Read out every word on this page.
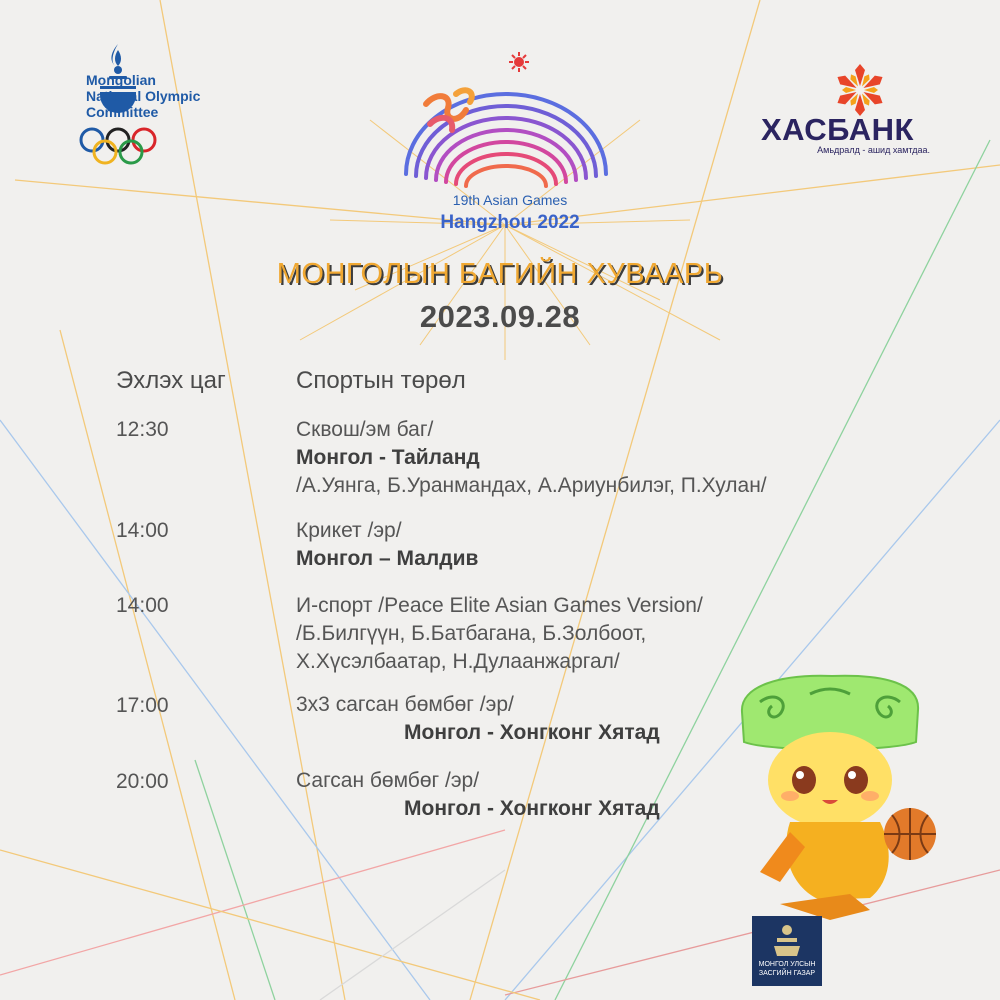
Mongolian
National Olympic
Committee
19th Asian Games
Hangzhou 2022
ХАСБАНК
Амьдралд - ашид хамтдаа.
МОНГОЛЫН БАГИЙН ХУВААРЬ
2023.09.28
Эхлэх цаг	Спортын төрөл
12:30	Сквош/эм баг/
Монгол - Тайланд
/А.Уянга, Б.Уранмандах, А.Ариунбилэг, П.Хулан/
14:00	Крикет /эр/
Монгол – Малдив
14:00	И-спорт /Peace Elite Asian Games Version/
/Б.Билгүүн, Б.Батбагана, Б.Золбоот,
Х.Хүсэлбаатар, Н.Дулаанжаргал/
17:00	3x3 сагсан бөмбөг /эр/
Монгол - Хонгконг Хятад
20:00	Сагсан бөмбөг /эр/
Монгол - Хонгконг Хятад
МОНГОЛ УЛСЫН
ЗАСГИЙН ГАЗАР
